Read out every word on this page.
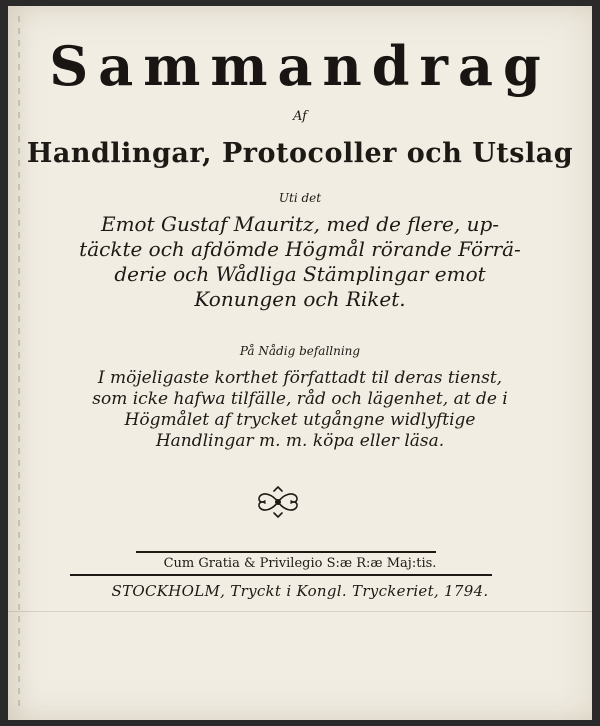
Sammandrag
Af
Handlingar, Protocoller och Utslag
Uti det
Emot Gustaf Mauritz, med de flere, up-
täckte och afdömde Högmål rörande Förrä-
derie och Wådliga Stämplingar emot
Konungen och Riket.
På Nådig befallning
I möjeligaste korthet författadt til deras tienst,
som icke hafwa tilfälle, råd och lägenhet, at de i
Högmålet af trycket utgångne widlyftige
Handlingar m. m. köpa eller läsa.
Cum Gratia & Privilegio S:æ R:æ Maj:tis.
STOCKHOLM, Tryckt i Kongl. Tryckeriet, 1794.
